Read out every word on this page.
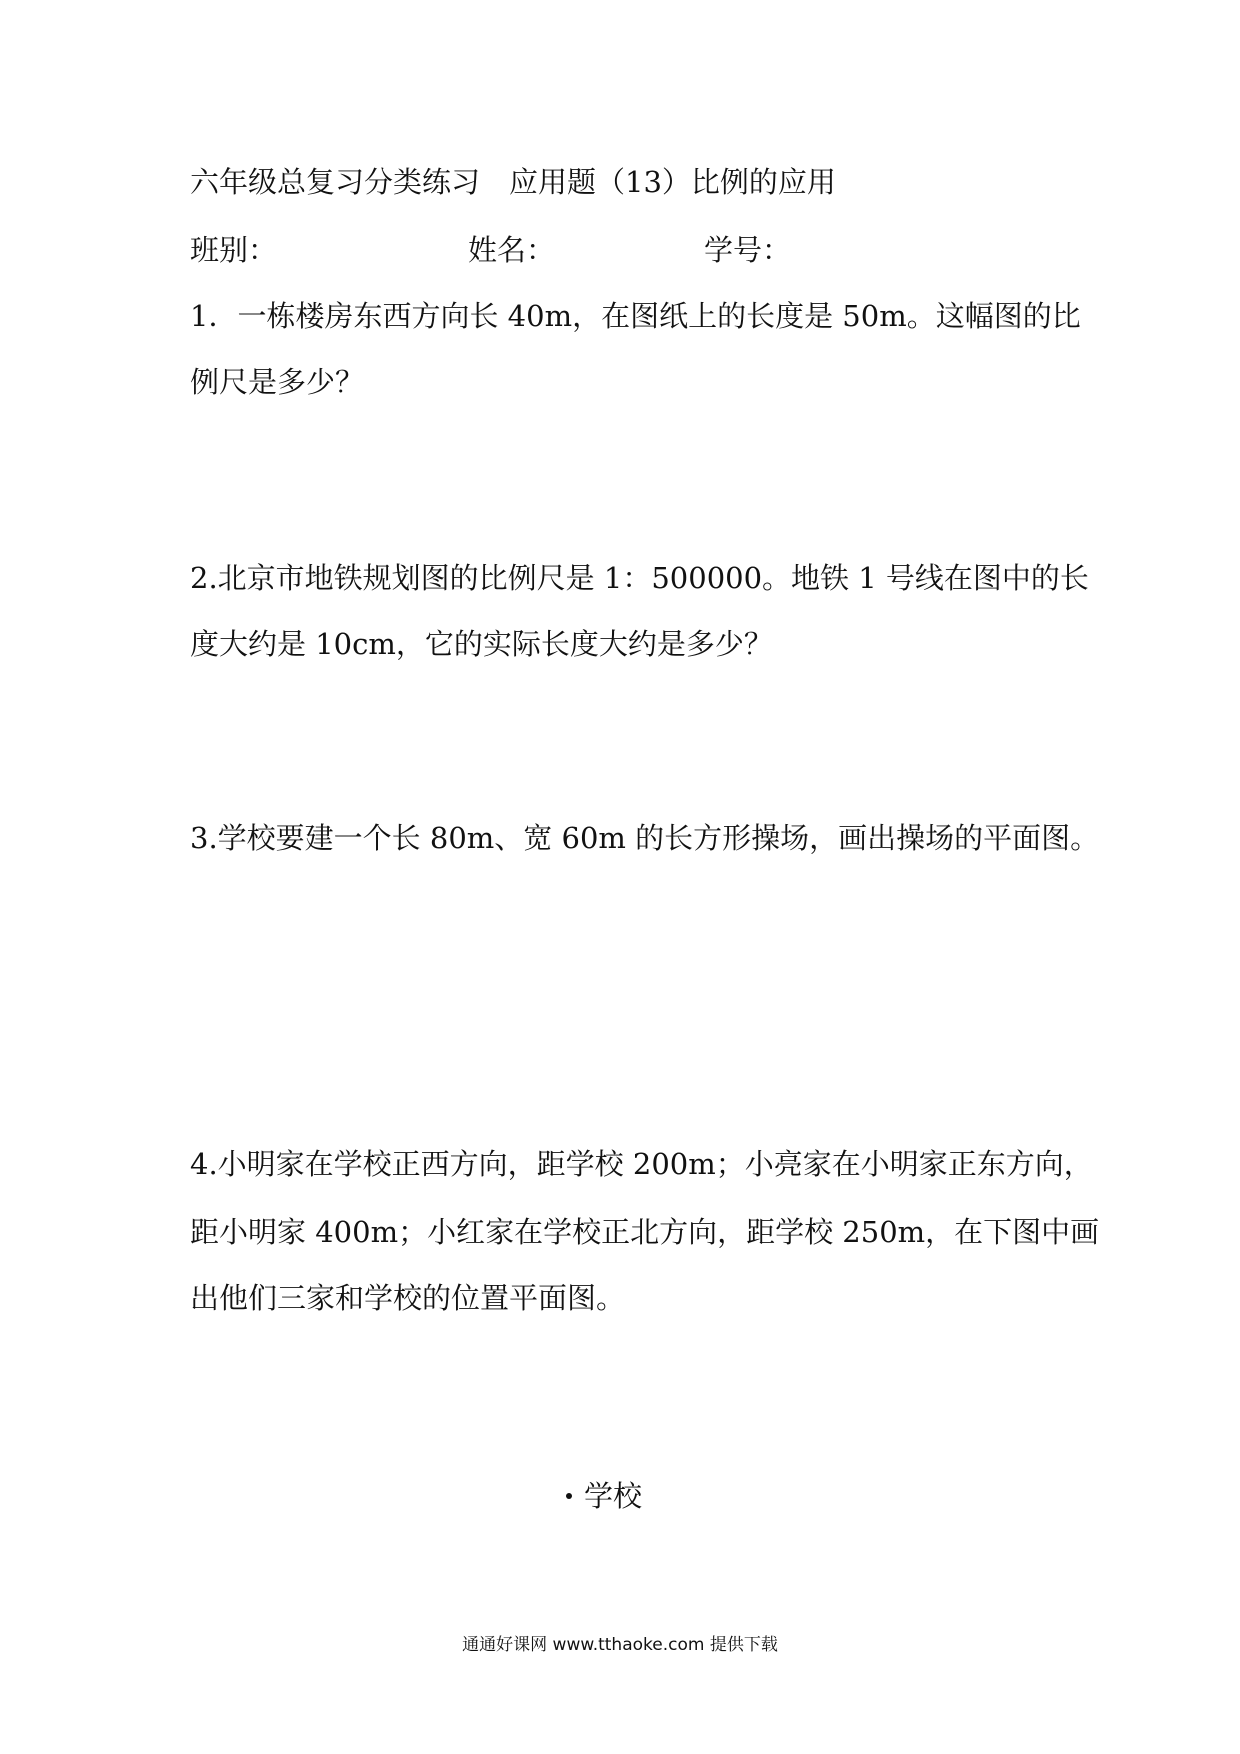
六年级总复习分类练习　应用题（13）比例的应用
班别：	姓名：	学号：
1．一栋楼房东西方向长 40m，在图纸上的长度是 50m。这幅图的比
例尺是多少？
2.北京市地铁规划图的比例尺是 1：500000。地铁 1 号线在图中的长
度大约是 10cm，它的实际长度大约是多少？
3.学校要建一个长 80m、宽 60m 的长方形操场，画出操场的平面图。
4.小明家在学校正西方向，距学校 200m；小亮家在小明家正东方向，
距小明家 400m；小红家在学校正北方向，距学校 250m，在下图中画
出他们三家和学校的位置平面图。
学校
通通好课网 www.tthaoke.com 提供下载
